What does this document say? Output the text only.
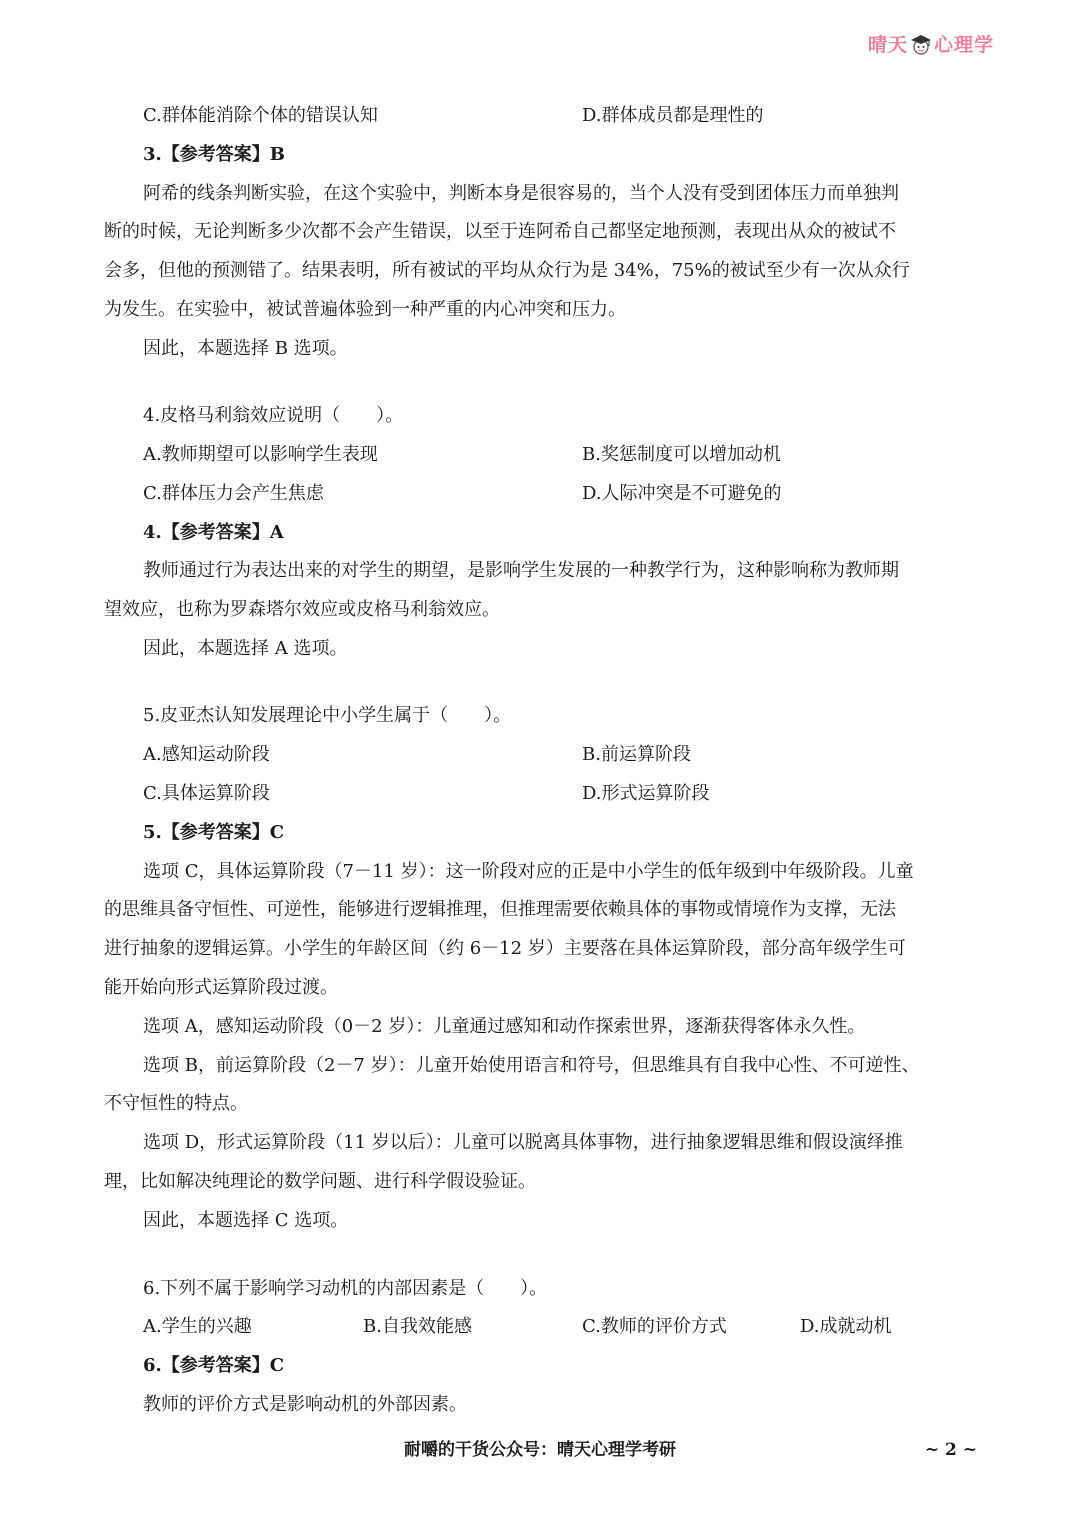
晴天 心理学
C.群体能消除个体的错误认知	D.群体成员都是理性的
3.【参考答案】B
阿希的线条判断实验，在这个实验中，判断本身是很容易的，当个人没有受到团体压力而单独判
断的时候，无论判断多少次都不会产生错误，以至于连阿希自己都坚定地预测，表现出从众的被试不
会多，但他的预测错了。结果表明，所有被试的平均从众行为是 34%，75%的被试至少有一次从众行
为发生。在实验中，被试普遍体验到一种严重的内心冲突和压力。
因此，本题选择 B 选项。
4.皮格马利翁效应说明（　　）。
A.教师期望可以影响学生表现	B.奖惩制度可以增加动机
C.群体压力会产生焦虑	D.人际冲突是不可避免的
4.【参考答案】A
教师通过行为表达出来的对学生的期望，是影响学生发展的一种教学行为，这种影响称为教师期
望效应，也称为罗森塔尔效应或皮格马利翁效应。
因此，本题选择 A 选项。
5.皮亚杰认知发展理论中小学生属于（　　）。
A.感知运动阶段	B.前运算阶段
C.具体运算阶段	D.形式运算阶段
5.【参考答案】C
选项 C，具体运算阶段（7－11 岁）：这一阶段对应的正是中小学生的低年级到中年级阶段。儿童
的思维具备守恒性、可逆性，能够进行逻辑推理，但推理需要依赖具体的事物或情境作为支撑，无法
进行抽象的逻辑运算。小学生的年龄区间（约 6－12 岁）主要落在具体运算阶段，部分高年级学生可
能开始向形式运算阶段过渡。
选项 A，感知运动阶段（0－2 岁）：儿童通过感知和动作探索世界，逐渐获得客体永久性。
选项 B，前运算阶段（2－7 岁）：儿童开始使用语言和符号，但思维具有自我中心性、不可逆性、
不守恒性的特点。
选项 D，形式运算阶段（11 岁以后）：儿童可以脱离具体事物，进行抽象逻辑思维和假设演绎推
理，比如解决纯理论的数学问题、进行科学假设验证。
因此，本题选择 C 选项。
6.下列不属于影响学习动机的内部因素是（　　）。
A.学生的兴趣	B.自我效能感	C.教师的评价方式	D.成就动机
6.【参考答案】C
教师的评价方式是影响动机的外部因素。
耐嚼的干货公众号：晴天心理学考研	~ 2 ~
